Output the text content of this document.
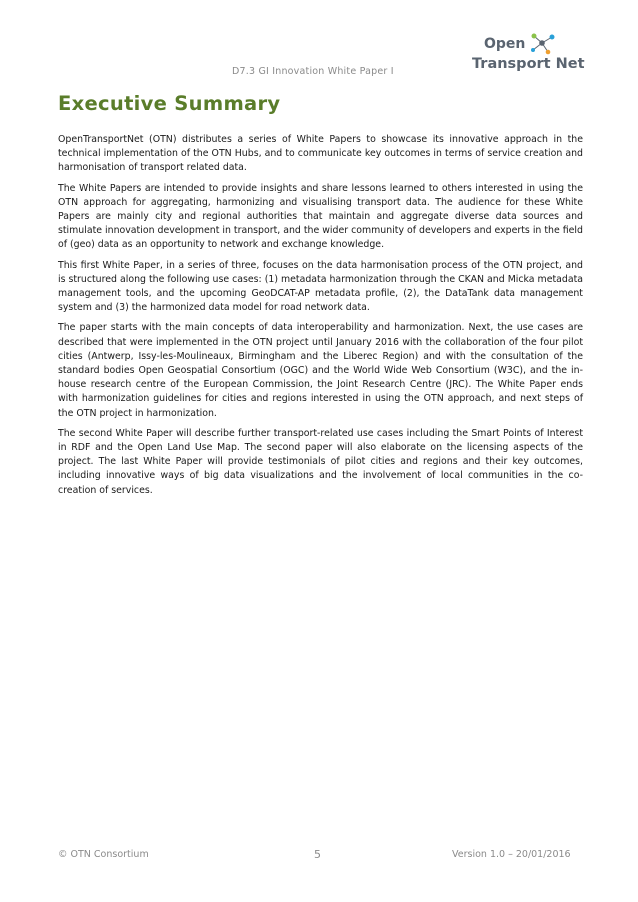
D7.3 GI Innovation White Paper I
Open
Transport Net
Executive Summary

OpenTransportNet (OTN) distributes a series of White Papers to showcase its innovative approach in the technical implementation of the OTN Hubs, and to communicate key outcomes in terms of service creation and harmonisation of transport related data.

The White Papers are intended to provide insights and share lessons learned to others interested in using the OTN approach for aggregating, harmonizing and visualising transport data. The audience for these White Papers are mainly city and regional authorities that maintain and aggregate diverse data sources and stimulate innovation development in transport, and the wider community of developers and experts in the field of (geo) data as an opportunity to network and exchange knowledge.

This first White Paper, in a series of three, focuses on the data harmonisation process of the OTN project, and is structured along the following use cases: (1) metadata harmonization through the CKAN and Micka metadata management tools, and the upcoming GeoDCAT-AP metadata profile, (2), the DataTank data management system and (3) the harmonized data model for road network data.

The paper starts with the main concepts of data interoperability and harmonization. Next, the use cases are described that were implemented in the OTN project until January 2016 with the collaboration of the four pilot cities (Antwerp, Issy-les-Moulineaux, Birmingham and the Liberec Region) and with the consultation of the standard bodies Open Geospatial Consortium (OGC) and the World Wide Web Consortium (W3C), and the in-house research centre of the European Commission, the Joint Research Centre (JRC). The White Paper ends with harmonization guidelines for cities and regions interested in using the OTN approach, and next steps of the OTN project in harmonization.

The second White Paper will describe further transport-related use cases including the Smart Points of Interest in RDF and the Open Land Use Map. The second paper will also elaborate on the licensing aspects of the project. The last White Paper will provide testimonials of pilot cities and regions and their key outcomes, including innovative ways of big data visualizations and the involvement of local communities in the co-creation of services.

© OTN Consortium	5	Version 1.0 – 20/01/2016
